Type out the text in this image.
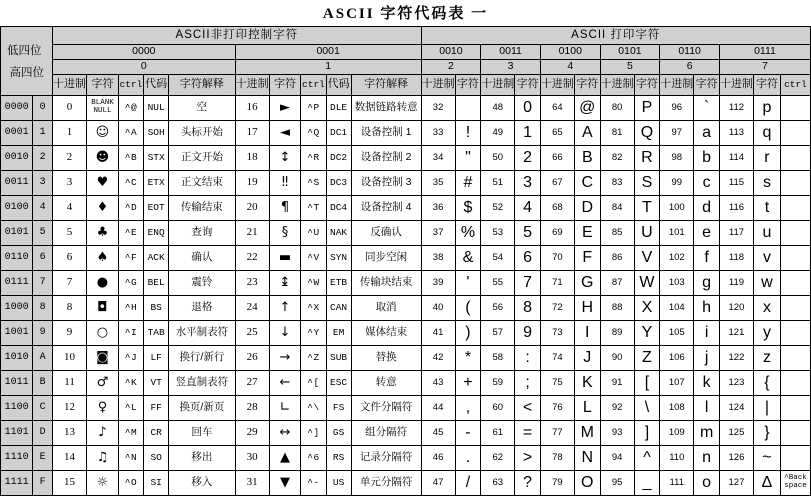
ASCII 字符代码表 一
高四位
低四位		ASCII非打印控制字符										ASCII 打印字符												
		0000					0001					0010		0011		0100		0101		0110		0111		
		0					1					2		3		4		5		6		7		
		十进制	字符	ctrl	代码	字符解释	十进制	字符	ctrl	代码	字符解释	十进制	字符	十进制	字符	十进制	字符	十进制	字符	十进制	字符	十进制	字符	ctrl
0000	0	0	BLANK
NULL	^@	NUL	空	16	►	^P	DLE	数据链路转意	32		48	0	64	@	80	P	96	`	112	p	
0001	1	1	☺	^A	SOH	头标开始	17	◄	^Q	DC1	设备控制 1	33	!	49	1	65	A	81	Q	97	a	113	q	
0010	2	2	☻	^B	STX	正文开始	18	↕	^R	DC2	设备控制 2	34	"	50	2	66	B	82	R	98	b	114	r	
0011	3	3	♥	^C	ETX	正文结束	19	‼	^S	DC3	设备控制 3	35	#	51	3	67	C	83	S	99	c	115	s	
0100	4	4	♦	^D	EOT	传输结束	20	¶	^T	DC4	设备控制 4	36	$	52	4	68	D	84	T	100	d	116	t	
0101	5	5	♣	^E	ENQ	查询	21	§	^U	NAK	反确认	37	%	53	5	69	E	85	U	101	e	117	u	
0110	6	6	♠	^F	ACK	确认	22	▬	^V	SYN	同步空闲	38	&	54	6	70	F	86	V	102	f	118	v	
0111	7	7	●	^G	BEL	震铃	23	↨	^W	ETB	传输块结束	39	'	55	7	71	G	87	W	103	g	119	w	
1000	8	8	◘	^H	BS	退格	24	↑	^X	CAN	取消	40	(	56	8	72	H	88	X	104	h	120	x	
1001	9	9	○	^I	TAB	水平制表符	25	↓	^Y	EM	媒体结束	41	)	57	9	73	I	89	Y	105	i	121	y	
1010	A	10	◙	^J	LF	换行/新行	26	→	^Z	SUB	替换	42	*	58	:	74	J	90	Z	106	j	122	z	
1011	B	11	♂	^K	VT	竖直制表符	27	←	^[	ESC	转意	43	+	59	;	75	K	91	[	107	k	123	{	
1100	C	12	♀	^L	FF	换页/新页	28	∟	^\	FS	文件分隔符	44	,	60	<	76	L	92	\	108	l	124	|	
1101	D	13	♪	^M	CR	回车	29	↔	^]	GS	组分隔符	45	-	61	=	77	M	93	]	109	m	125	}	
1110	E	14	♫	^N	SO	移出	30	▲	^6	RS	记录分隔符	46	.	62	>	78	N	94	^	110	n	126	~	
1111	F	15	☼	^O	SI	移入	31	▼	^-	US	单元分隔符	47	/	63	?	79	O	95	_	111	o	127	∆	^Back
space
